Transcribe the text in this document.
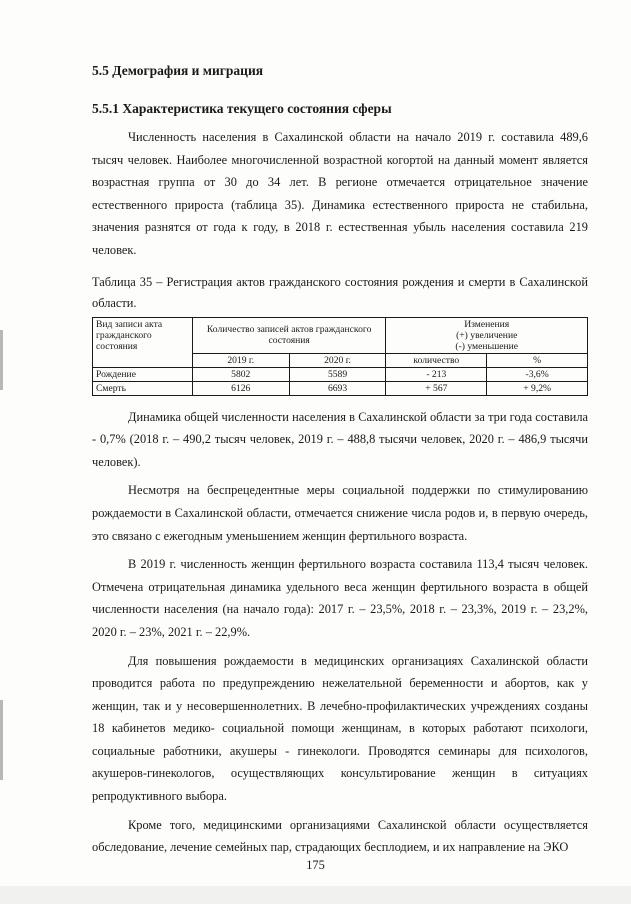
5.5 Демография и миграция
5.5.1 Характеристика текущего состояния сферы

Численность населения в Сахалинской области на начало 2019 г. составила 489,6 тысяч человек. Наиболее многочисленной возрастной когортой на данный момент является возрастная группа от 30 до 34 лет. В регионе отмечается отрицательное значение естественного прироста (таблица 35). Динамика естественного прироста не стабильна, значения разнятся от года к году, в 2018 г. естественная убыль населения составила 219 человек.

Таблица 35 – Регистрация актов гражданского состояния рождения и смерти в Сахалинской области.
Вид записи акта гражданского состояния	Количество записей актов гражданского состояния		Изменения
(+) увеличение
(-) уменьшение	

	2019 г.	2020 г.	количество	%
Рождение	5802	5589	- 213	-3,6%
Смерть	6126	6693	+ 567	+ 9,2%

Динамика общей численности населения в Сахалинской области за три года составила - 0,7% (2018 г. – 490,2 тысяч человек, 2019 г. – 488,8 тысячи человек, 2020 г. – 486,9 тысячи человек).

Несмотря на беспрецедентные меры социальной поддержки по стимулированию рождаемости в Сахалинской области, отмечается снижение числа родов и, в первую очередь, это связано с ежегодным уменьшением женщин фертильного возраста.

В 2019 г. численность женщин фертильного возраста составила 113,4 тысяч человек. Отмечена отрицательная динамика удельного веса женщин фертильного возраста в общей численности населения (на начало года): 2017 г. – 23,5%, 2018 г. – 23,3%, 2019 г. – 23,2%, 2020 г. – 23%, 2021 г. – 22,9%.

Для повышения рождаемости в медицинских организациях Сахалинской области проводится работа по предупреждению нежелательной беременности и абортов, как у женщин, так и у несовершеннолетних. В лечебно-профилактических учреждениях созданы 18 кабинетов медико- социальной помощи женщинам, в которых работают психологи, социальные работники, акушеры - гинекологи. Проводятся семинары для психологов, акушеров-гинекологов, осуществляющих консультирование женщин в ситуациях репродуктивного выбора.

Кроме того, медицинскими организациями Сахалинской области осуществляется обследование, лечение семейных пар, страдающих бесплодием, и их направление на ЭКО

175
